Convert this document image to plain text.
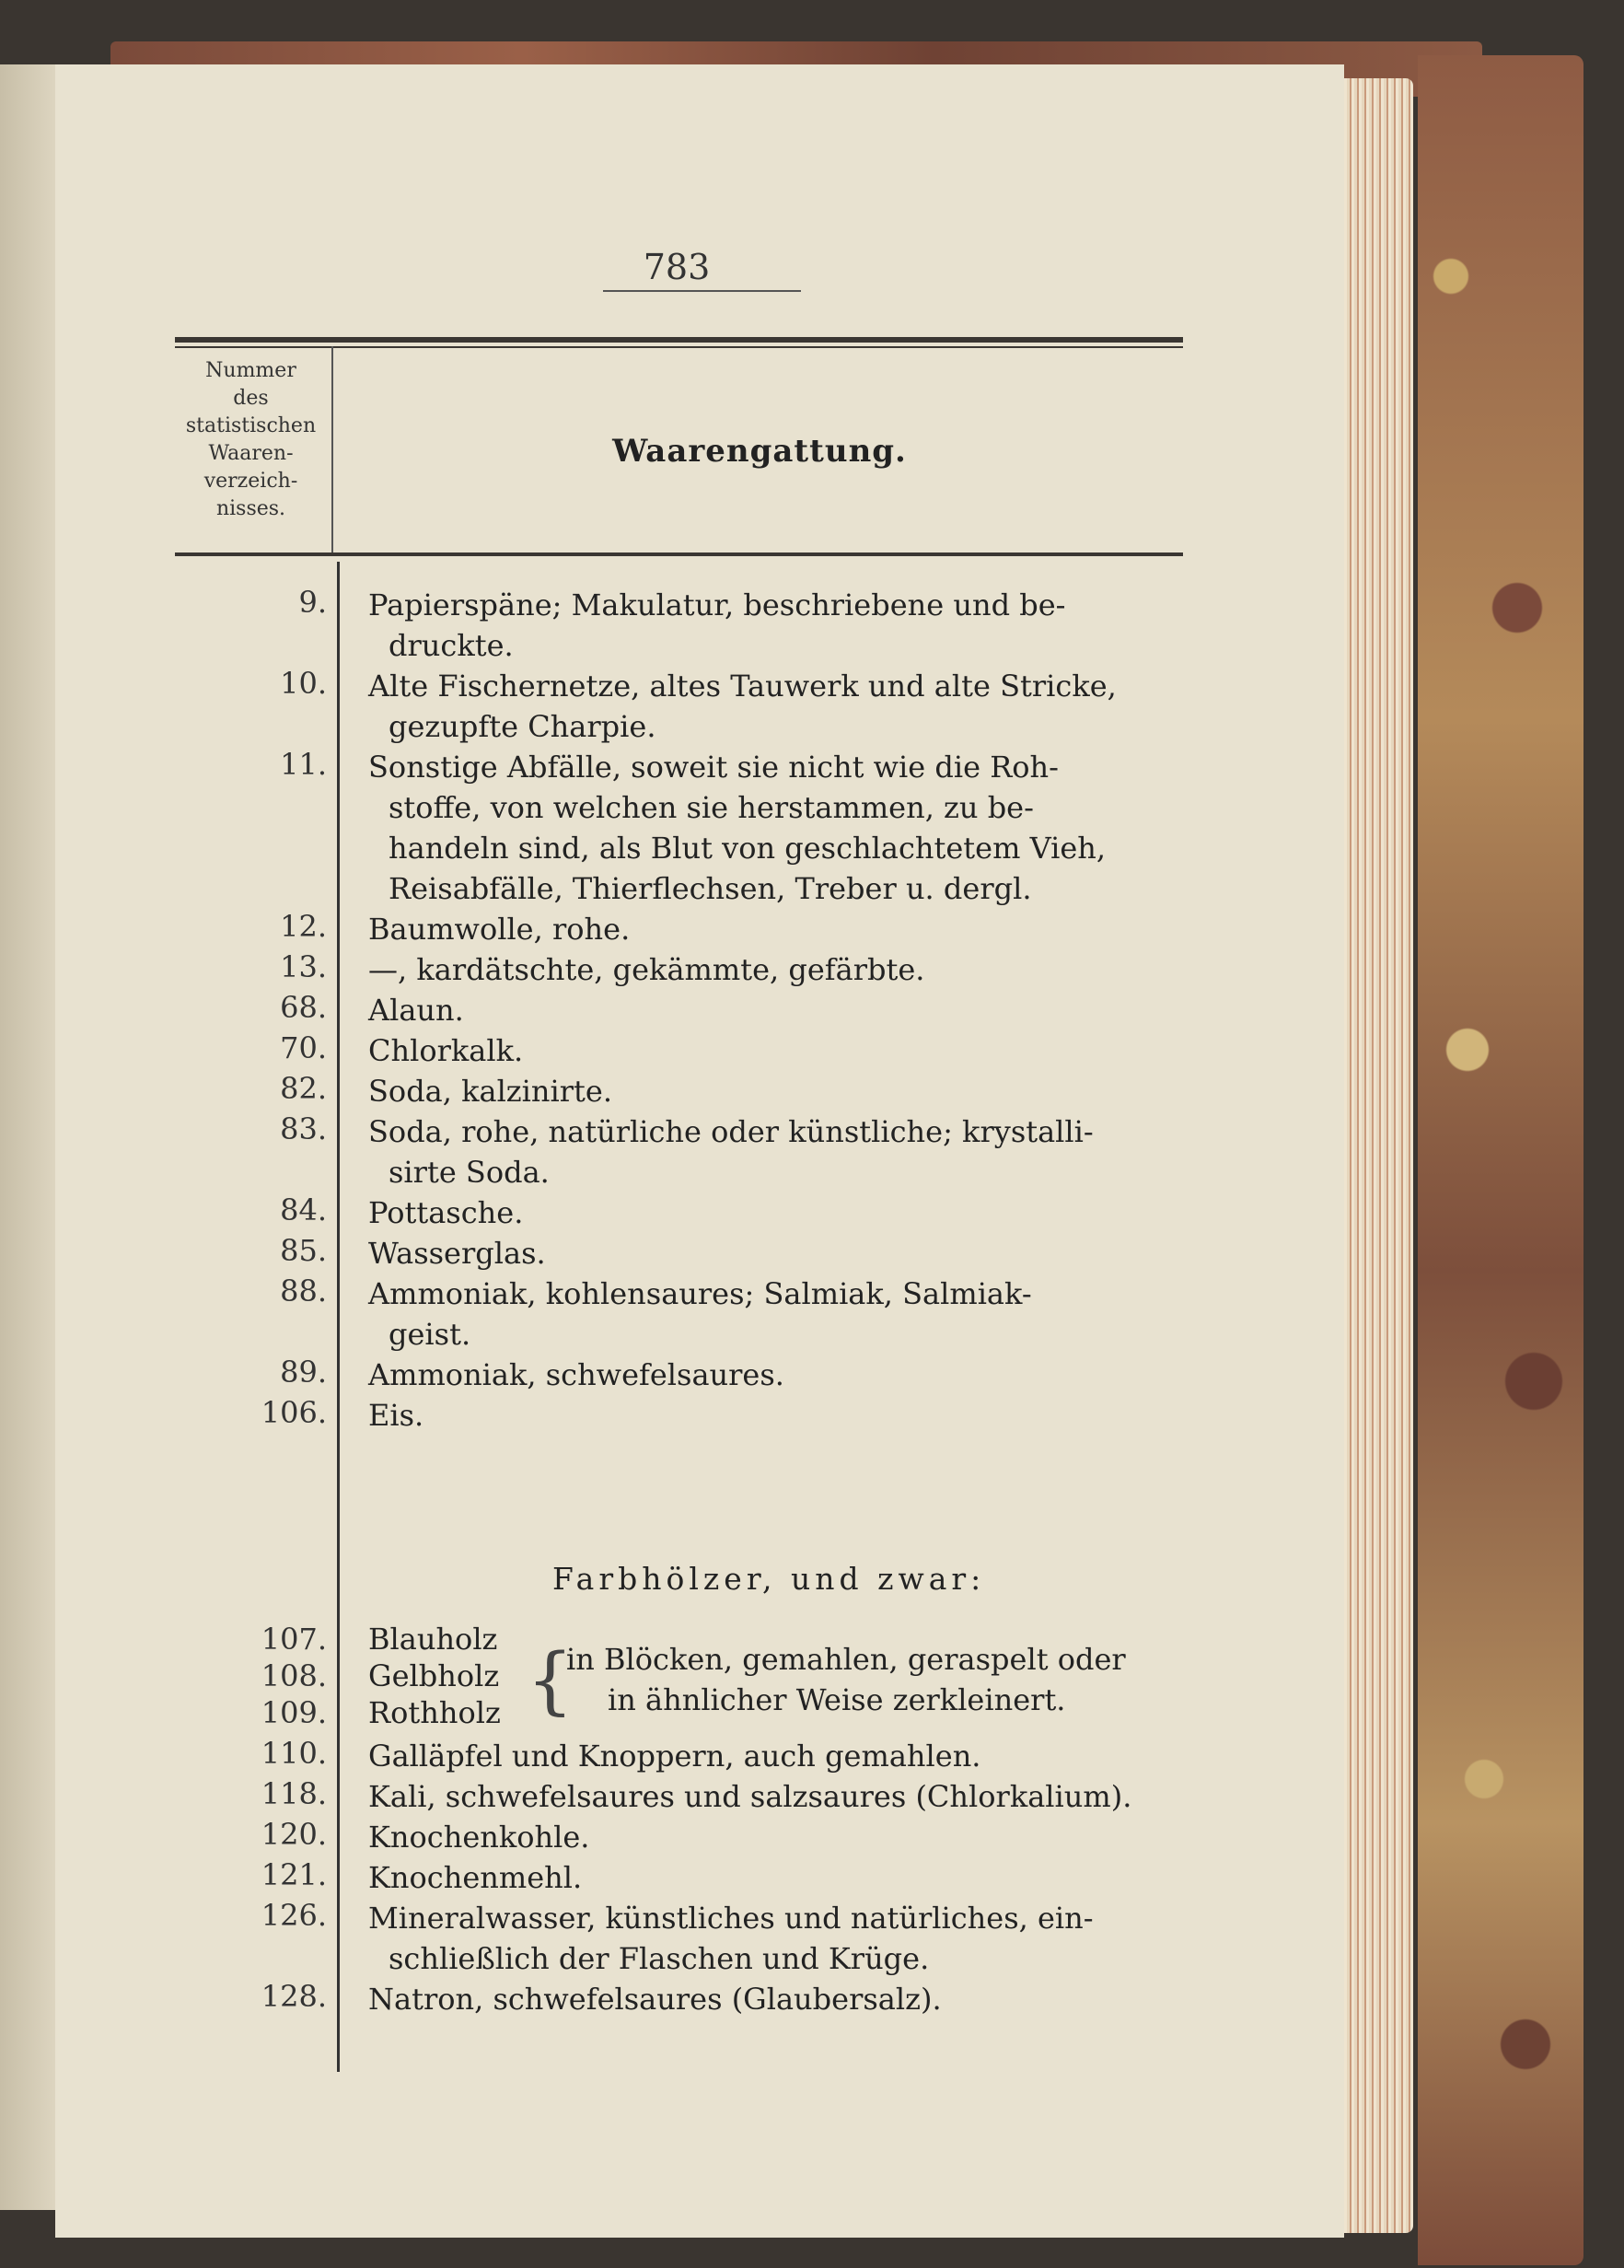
783
Nummer
des
statistischen
Waaren-
verzeich-
nisses.
Waarengattung.
9. Papierspäne; Makulatur, beschriebene und be-
druckte.
10. Alte Fischernetze, altes Tauwerk und alte Stricke,
gezupfte Charpie.
11. Sonstige Abfälle, soweit sie nicht wie die Roh-
stoffe, von welchen sie herstammen, zu be-
handeln sind, als Blut von geschlachtetem Vieh,
Reisabfälle, Thierflechsen, Treber u. dergl.
12. Baumwolle, rohe.
13. —, kardätschte, gekämmte, gefärbte.
68. Alaun.
70. Chlorkalk.
82. Soda, kalzinirte.
83. Soda, rohe, natürliche oder künstliche; krystalli-
sirte Soda.
84. Pottasche.
85. Wasserglas.
88. Ammoniak, kohlensaures; Salmiak, Salmiak-
geist.
89. Ammoniak, schwefelsaures.
106. Eis.
Farbhölzer, und zwar:
107.
108.
109.
Blauholz
Gelbholz
Rothholz {
in Blöcken, gemahlen, geraspelt oder
in ähnlicher Weise zerkleinert.
110. Galläpfel und Knoppern, auch gemahlen.
118. Kali, schwefelsaures und salzsaures (Chlorkalium).
120. Knochenkohle.
121. Knochenmehl.
126. Mineralwasser, künstliches und natürliches, ein-
schließlich der Flaschen und Krüge.
128. Natron, schwefelsaures (Glaubersalz).
